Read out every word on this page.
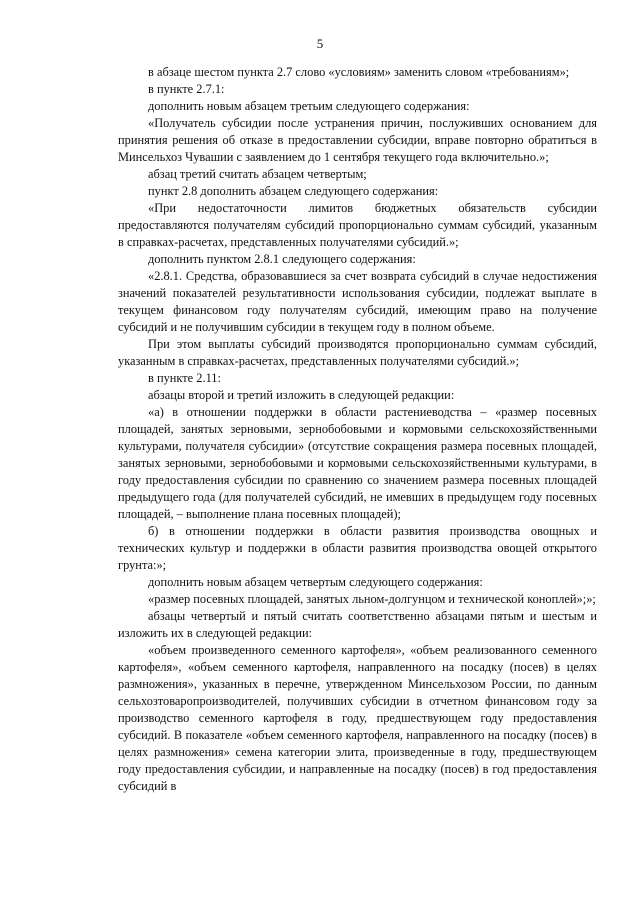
5

в абзаце шестом пункта 2.7 слово «условиям» заменить словом «требованиям»;

в пункте 2.7.1:

дополнить новым абзацем третьим следующего содержания:

«Получатель субсидии после устранения причин, послуживших основанием для принятия решения об отказе в предоставлении субсидии, вправе повторно обратиться в Минсельхоз Чувашии с заявлением до 1 сентября текущего года включительно.»;

абзац третий считать абзацем четвертым;

пункт 2.8 дополнить абзацем следующего содержания:

«При недостаточности лимитов бюджетных обязательств субсидии предоставляются получателям субсидий пропорционально суммам субсидий, указанным в справках-расчетах, представленных получателями субсидий.»;

дополнить пунктом 2.8.1 следующего содержания:

«2.8.1. Средства, образовавшиеся за счет возврата субсидий в случае недостижения значений показателей результативности использования субсидии, подлежат выплате в текущем финансовом году получателям субсидий, имеющим право на получение субсидий и не получившим субсидии в текущем году в полном объеме.

При этом выплаты субсидий производятся пропорционально суммам субсидий, указанным в справках-расчетах, представленных получателями субсидий.»;

в пункте 2.11:

абзацы второй и третий изложить в следующей редакции:

«а) в отношении поддержки в области растениеводства – «размер посевных площадей, занятых зерновыми, зернобобовыми и кормовыми сельскохозяйственными культурами, получателя субсидии» (отсутствие сокращения размера посевных площадей, занятых зерновыми, зернобобовыми и кормовыми сельскохозяйственными культурами, в году предоставления субсидии по сравнению со значением размера посевных площадей предыдущего года (для получателей субсидий, не имевших в предыдущем году посевных площадей, – выполнение плана посевных площадей);

б) в отношении поддержки в области развития производства овощных и технических культур и поддержки в области развития производства овощей открытого грунта:»;

дополнить новым абзацем четвертым следующего содержания:

«размер посевных площадей, занятых льном-долгунцом и технической коноплей»;»;

абзацы четвертый и пятый считать соответственно абзацами пятым и шестым и изложить их в следующей редакции:

«объем произведенного семенного картофеля», «объем реализованного семенного картофеля», «объем семенного картофеля, направленного на посадку (посев) в целях размножения», указанных в перечне, утвержденном Минсельхозом России, по данным сельхозтоваропроизводителей, получивших субсидии в отчетном финансовом году за производство семенного картофеля в году, предшествующем году предоставления субсидий. В показателе «объем семенного картофеля, направленного на посадку (посев) в целях размножения» семена категории элита, произведенные в году, предшествующем году предоставления субсидии, и направленные на посадку (посев) в год предоставления субсидий в
